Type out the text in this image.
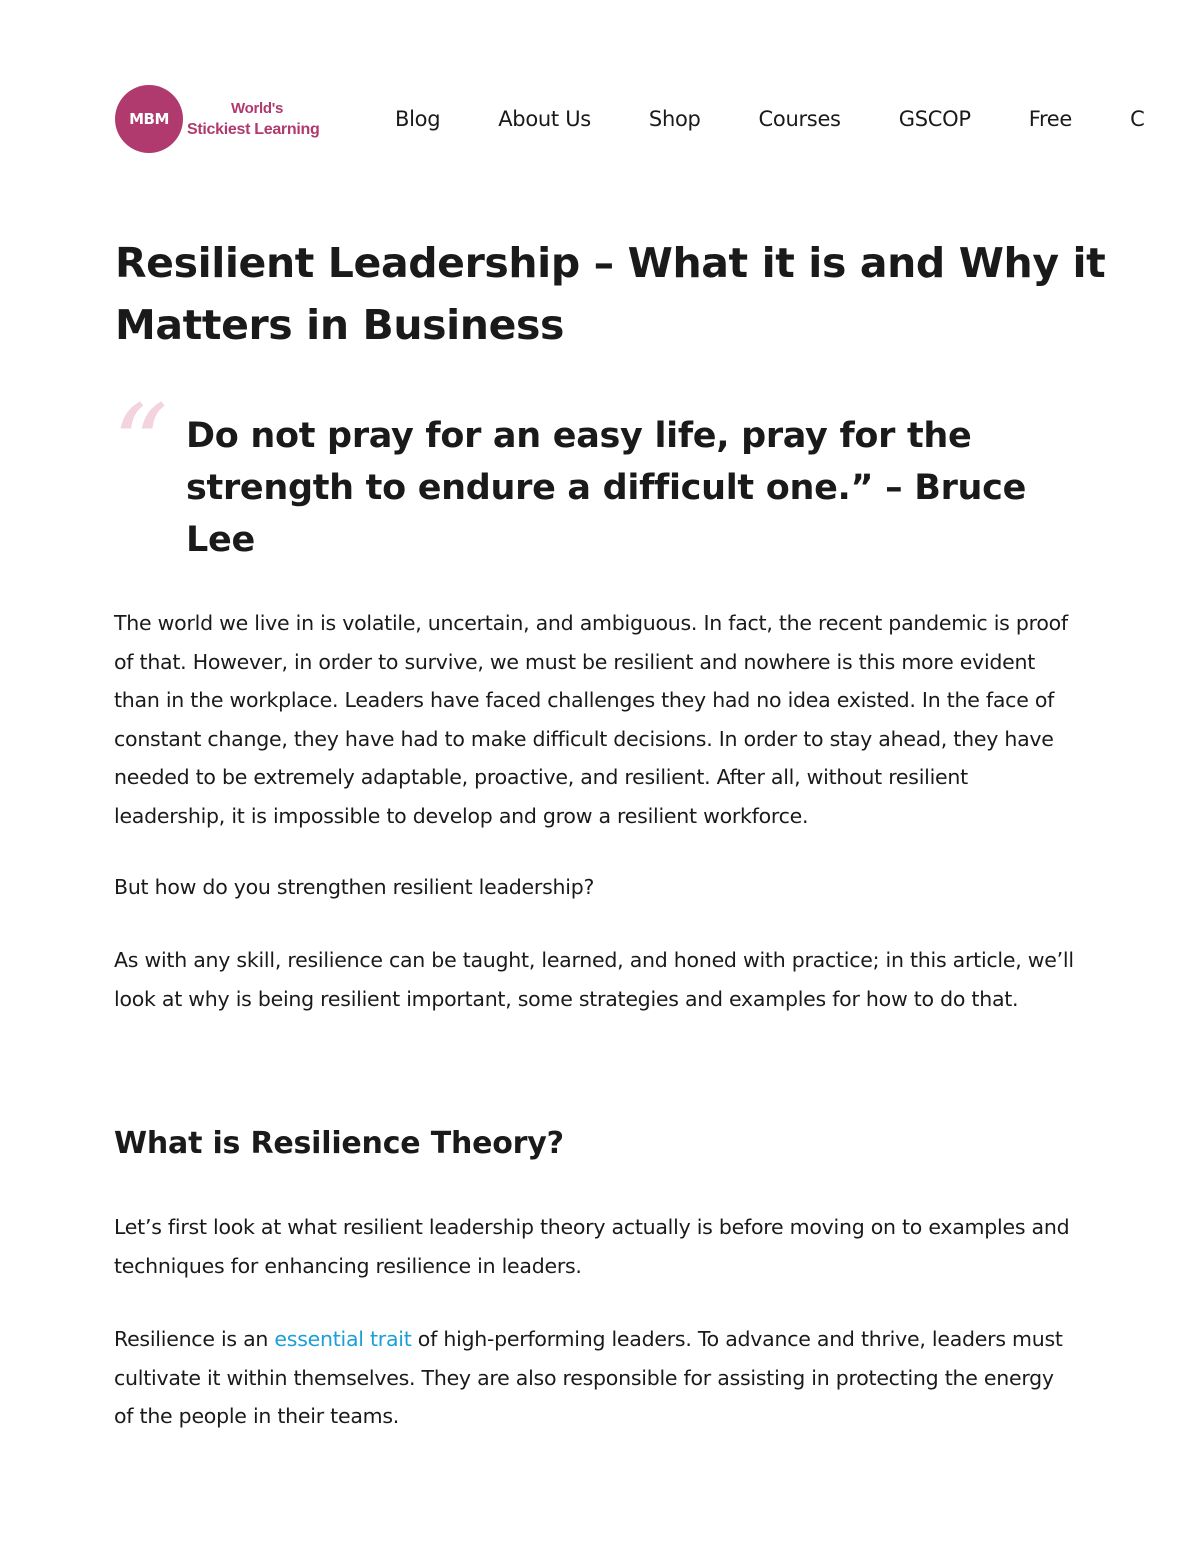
MBM
World's
Stickiest Learning	Blog	About Us	Shop	Courses	GSCOP	Free	C
Resilient Leadership – What it is and Why it Matters in Business
“ Do not pray for an easy life, pray for the strength to endure a difficult one.” – Bruce Lee

The world we live in is volatile, uncertain, and ambiguous. In fact, the recent pandemic is proof of that. However, in order to survive, we must be resilient and nowhere is this more evident than in the workplace. Leaders have faced challenges they had no idea existed. In the face of constant change, they have had to make difficult decisions. In order to stay ahead, they have needed to be extremely adaptable, proactive, and resilient. After all, without resilient leadership, it is impossible to develop and grow a resilient workforce.

But how do you strengthen resilient leadership?

As with any skill, resilience can be taught, learned, and honed with practice; in this article, we’ll look at why is being resilient important, some strategies and examples for how to do that.

What is Resilience Theory?

Let’s first look at what resilient leadership theory actually is before moving on to examples and techniques for enhancing resilience in leaders.

Resilience is an essential trait of high-performing leaders. To advance and thrive, leaders must cultivate it within themselves. They are also responsible for assisting in protecting the energy of the people in their teams.
